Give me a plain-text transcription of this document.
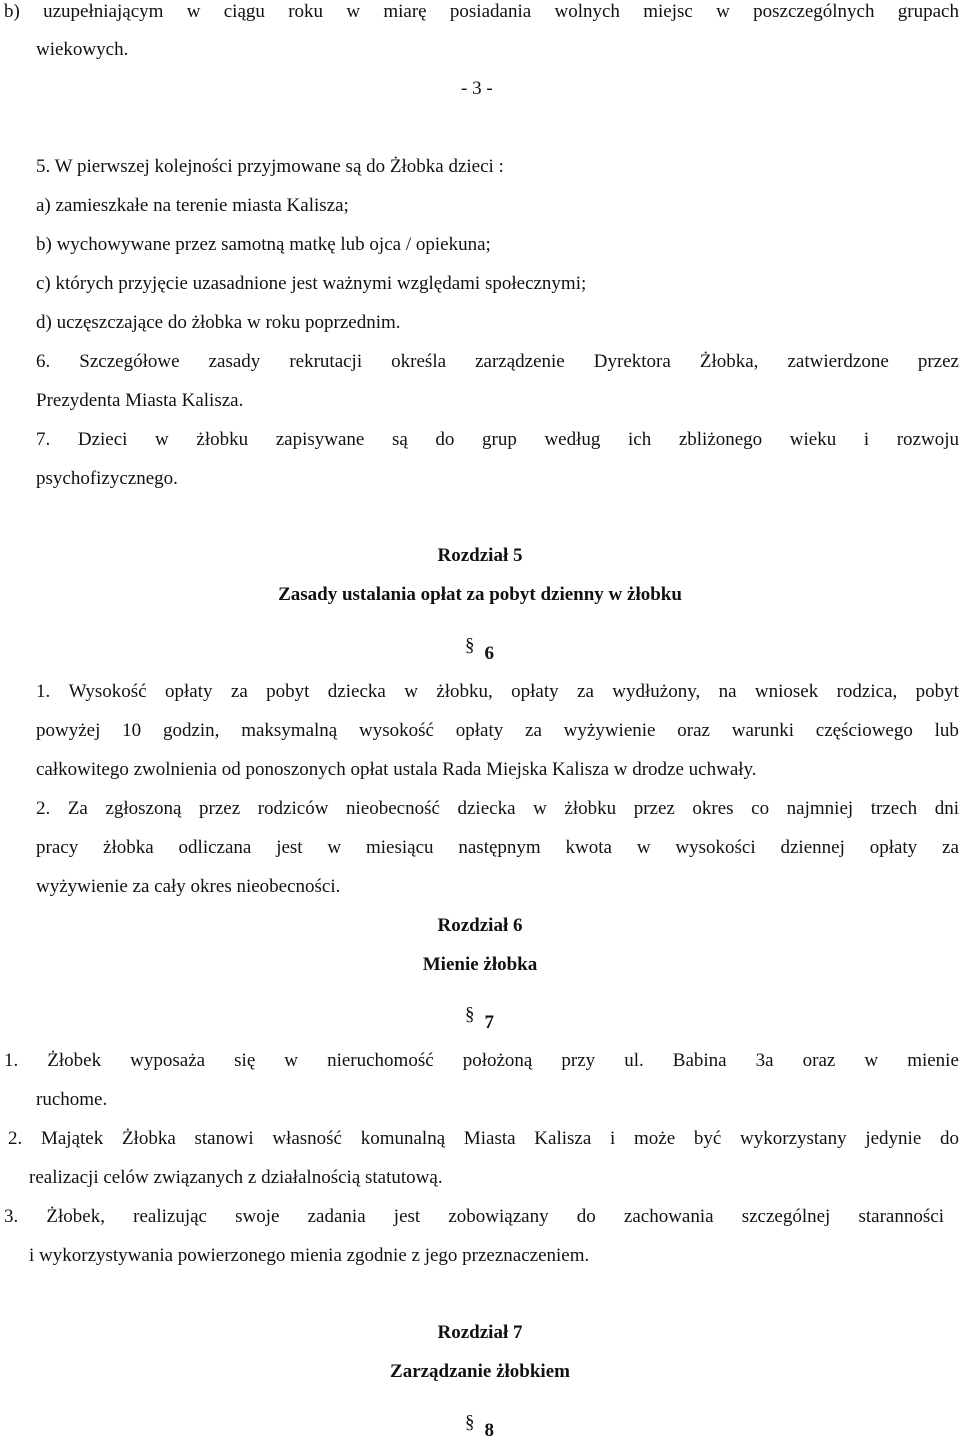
b) uzupełniającym w ciągu roku w miarę posiadania wolnych miejsc w poszczególnych grupach

wiekowych.

- 3 -

5. W pierwszej kolejności przyjmowane są do Żłobka dzieci :

a) zamieszkałe na terenie miasta Kalisza;

b) wychowywane przez samotną matkę lub ojca / opiekuna;

c) których przyjęcie uzasadnione jest ważnymi względami społecznymi;

d) uczęszczające do żłobka w roku poprzednim.

6. Szczegółowe zasady rekrutacji określa zarządzenie Dyrektora Żłobka, zatwierdzone przez

Prezydenta Miasta Kalisza.

7. Dzieci w żłobku zapisywane są do grup według ich zbliżonego wieku i rozwoju

psychofizycznego.

Rozdział 5
Zasady ustalania opłat za pobyt dzienny w żłobku
§ 6
1. Wysokość opłaty za pobyt dziecka w żłobku, opłaty za wydłużony, na wniosek rodzica, pobyt
powyżej 10 godzin, maksymalną wysokość opłaty za wyżywienie oraz warunki częściowego lub

całkowitego zwolnienia od ponoszonych opłat ustala Rada Miejska Kalisza w drodze uchwały.

2. Za zgłoszoną przez rodziców nieobecność dziecka w żłobku przez okres co najmniej trzech dni
pracy żłobka odliczana jest w miesiącu następnym kwota w wysokości dziennej opłaty za

wyżywienie za cały okres nieobecności.

Rozdział 6
Mienie żłobka
§ 7
1. Żłobek wyposaża się w nieruchomość położoną przy ul. Babina 3a oraz w mienie

ruchome.

2. Majątek Żłobka stanowi własność komunalną Miasta Kalisza i może być wykorzystany jedynie do

realizacji celów związanych z działalnością statutową.

3. Żłobek, realizując swoje zadania jest zobowiązany do zachowania szczególnej staranności

i wykorzystywania powierzonego mienia zgodnie z jego przeznaczeniem.

Rozdział 7
Zarządzanie żłobkiem
§ 8
